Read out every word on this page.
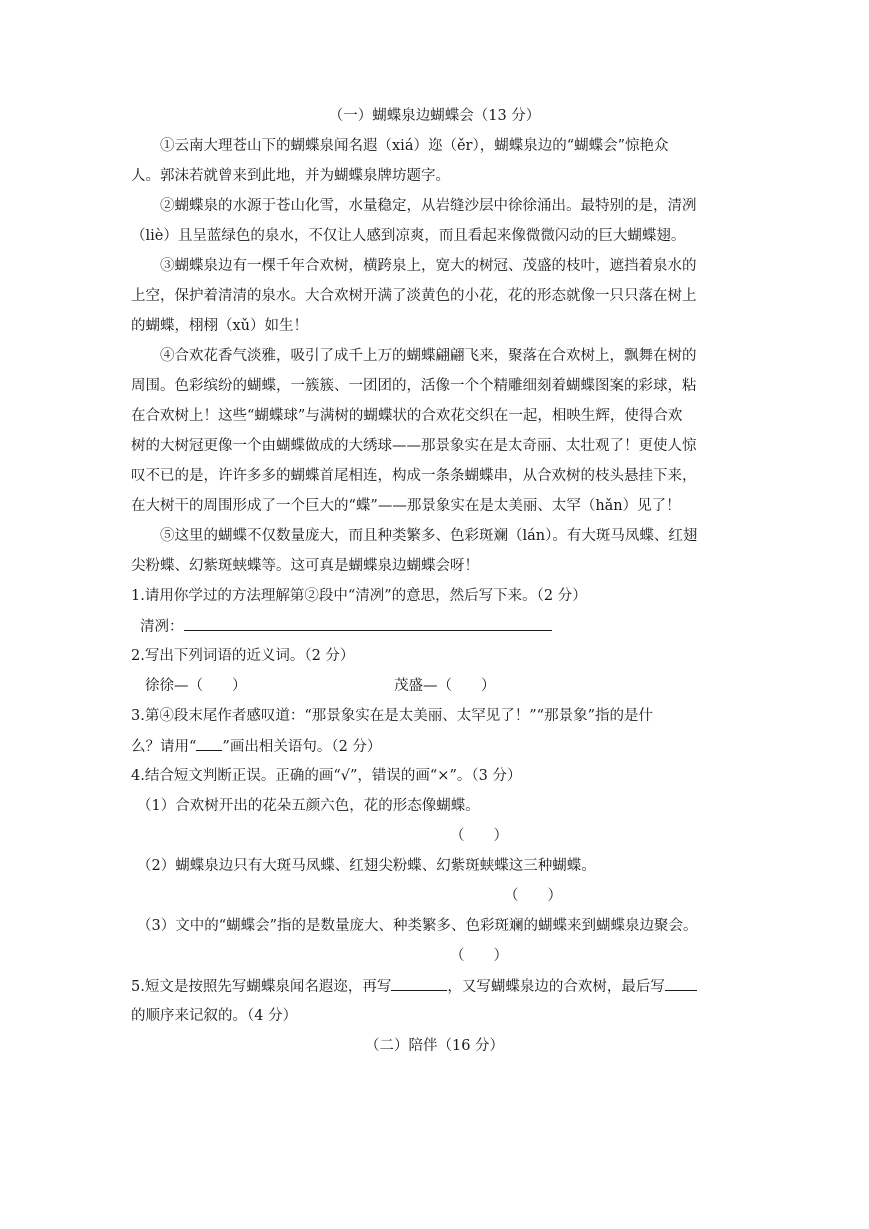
（一）蝴蝶泉边蝴蝶会（13 分）
①云南大理苍山下的蝴蝶泉闻名遐（xiá）迩（ěr），蝴蝶泉边的“蝴蝶会”惊艳众
人。郭沫若就曾来到此地，并为蝴蝶泉牌坊题字。
②蝴蝶泉的水源于苍山化雪，水量稳定，从岩缝沙层中徐徐涌出。最特别的是，清冽
（liè）且呈蓝绿色的泉水，不仅让人感到凉爽，而且看起来像微微闪动的巨大蝴蝶翅。
③蝴蝶泉边有一棵千年合欢树，横跨泉上，宽大的树冠、茂盛的枝叶，遮挡着泉水的
上空，保护着清清的泉水。大合欢树开满了淡黄色的小花，花的形态就像一只只落在树上
的蝴蝶，栩栩（xǔ）如生！
④合欢花香气淡雅，吸引了成千上万的蝴蝶翩翩飞来，聚落在合欢树上，飘舞在树的
周围。色彩缤纷的蝴蝶，一簇簇、一团团的，活像一个个精雕细刻着蝴蝶图案的彩球，粘
在合欢树上！这些“蝴蝶球”与满树的蝴蝶状的合欢花交织在一起，相映生辉，使得合欢
树的大树冠更像一个由蝴蝶做成的大绣球——那景象实在是太奇丽、太壮观了！更使人惊
叹不已的是，许许多多的蝴蝶首尾相连，构成一条条蝴蝶串，从合欢树的枝头悬挂下来，
在大树干的周围形成了一个巨大的“蝶”——那景象实在是太美丽、太罕（hǎn）见了！
⑤这里的蝴蝶不仅数量庞大，而且种类繁多、色彩斑斓（lán）。有大斑马凤蝶、红翅
尖粉蝶、幻紫斑蛱蝶等。这可真是蝴蝶泉边蝴蝶会呀！
1.请用你学过的方法理解第②段中“清冽”的意思，然后写下来。（2 分）
清冽：
2.写出下列词语的近义词。（2 分）
徐徐—（　　）	茂盛—（　　）
3.第④段末尾作者感叹道：“那景象实在是太美丽、太罕见了！”“那景象”指的是什
么？请用“ ”画出相关语句。（2 分）
4.结合短文判断正误。正确的画“√”，错误的画“×”。（3 分）
（1）合欢树开出的花朵五颜六色，花的形态像蝴蝶。
（　　）
（2）蝴蝶泉边只有大斑马凤蝶、红翅尖粉蝶、幻紫斑蛱蝶这三种蝴蝶。
（　　）
（3）文中的“蝴蝶会”指的是数量庞大、种类繁多、色彩斑斓的蝴蝶来到蝴蝶泉边聚会。
（　　）
5.短文是按照先写蝴蝶泉闻名遐迩，再写	，又写蝴蝶泉边的合欢树，最后写
的顺序来记叙的。（4 分）
（二）陪伴（16 分）
